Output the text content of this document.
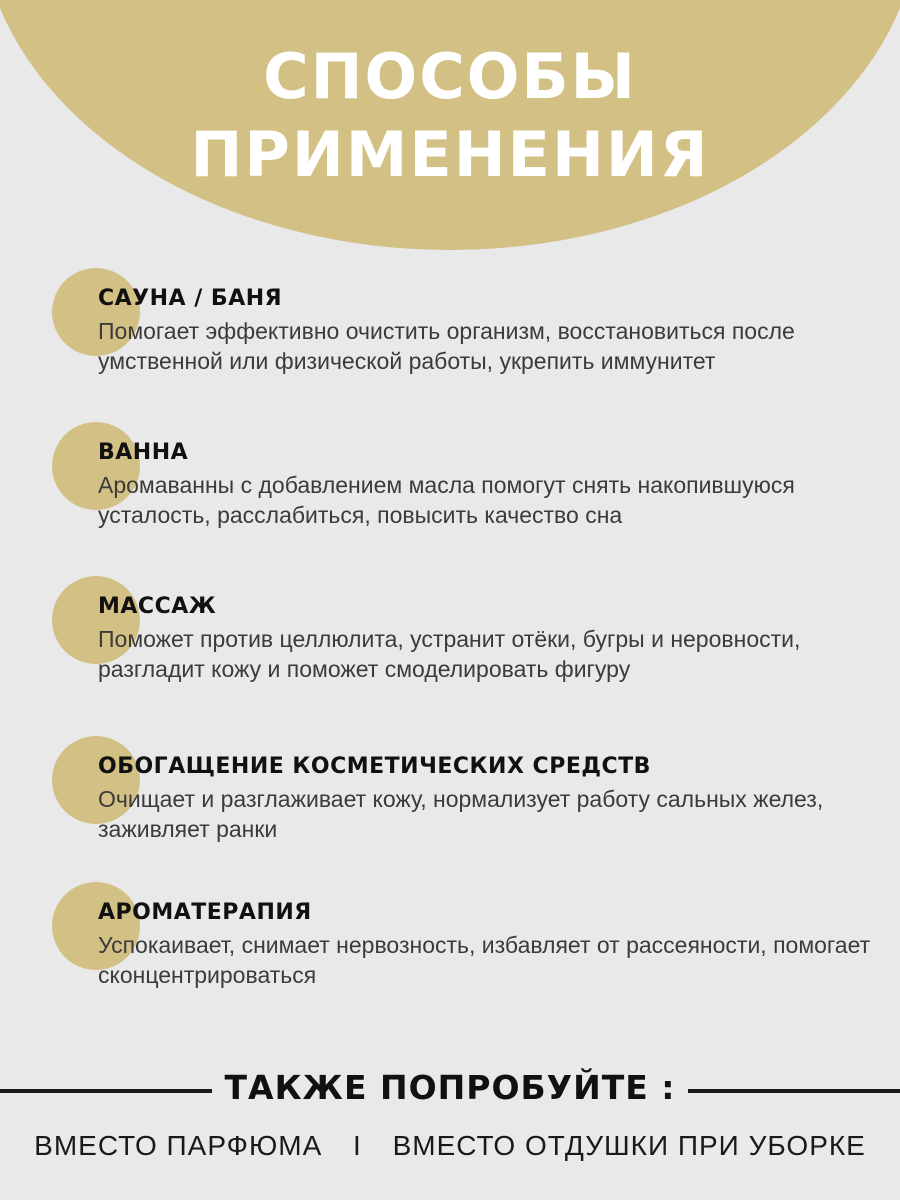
СПОСОБЫ
ПРИМЕНЕНИЯ
САУНА / БАНЯ
Помогает эффективно очистить организм, восстановиться после умственной или физической работы, укрепить иммунитет
ВАННА
Аромаванны с добавлением масла помогут снять накопившуюся усталость, расслабиться, повысить качество сна
МАССАЖ
Поможет против целлюлита, устранит отёки, бугры и неровности, разгладит кожу и поможет смоделировать фигуру
ОБОГАЩЕНИЕ КОСМЕТИЧЕСКИХ СРЕДСТВ
Очищает и разглаживает кожу, нормализует работу сальных желез, заживляет ранки
АРОМАТЕРАПИЯ
Успокаивает, снимает нервозность, избавляет от рассеяности, помогает сконцентрироваться
ТАКЖЕ ПОПРОБУЙТЕ :
ВМЕСТО ПАРФЮМА I ВМЕСТО ОТДУШКИ ПРИ УБОРКЕ
